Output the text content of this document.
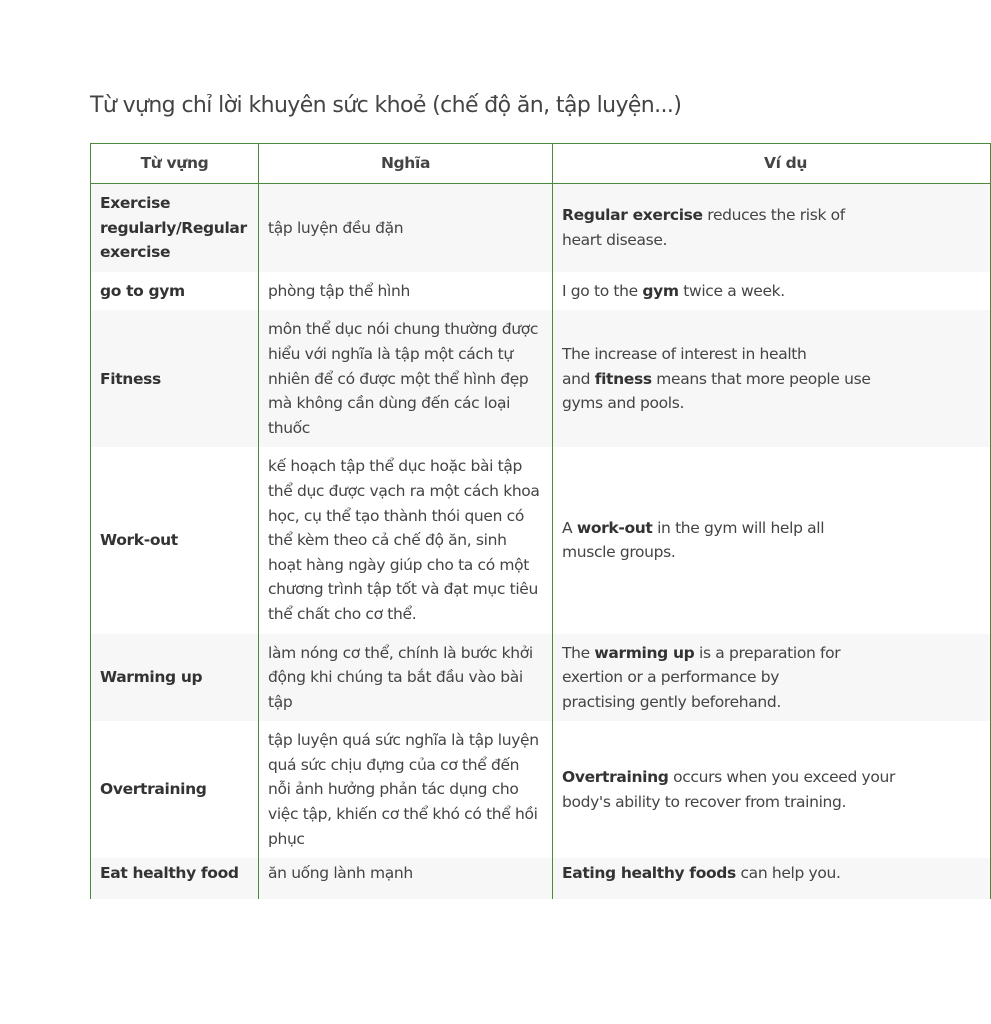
Từ vựng chỉ lời khuyên sức khoẻ (chế độ ăn, tập luyện...)
Từ vựng	Nghĩa	Ví dụ
Exercise regularly/Regular exercise	tập luyện đều đặn	Regular exercise reduces the risk of
heart disease.
go to gym	phòng tập thể hình	I go to the gym twice a week.
Fitness	môn thể dục nói chung thường được hiểu với nghĩa là tập một cách tự nhiên để có được một thể hình đẹp mà không cần dùng đến các loại thuốc	The increase of interest in health
and fitness means that more people use
gyms and pools.
Work-out	kế hoạch tập thể dục hoặc bài tập thể dục được vạch ra một cách khoa học, cụ thể tạo thành thói quen có thể kèm theo cả chế độ ăn, sinh hoạt hàng ngày giúp cho ta có một chương trình tập tốt và đạt mục tiêu thể chất cho cơ thể.	A work-out in the gym will help all
muscle groups.
Warming up	làm nóng cơ thể, chính là bước khởi động khi chúng ta bắt đầu vào bài tập	The warming up is a preparation for
exertion or a performance by
practising gently beforehand.
Overtraining	tập luyện quá sức nghĩa là tập luyện quá sức chịu đựng của cơ thể đến nỗi ảnh hưởng phản tác dụng cho việc tập, khiến cơ thể khó có thể hồi phục	Overtraining occurs when you exceed your
body's ability to recover from training.
Eat healthy food	ăn uống lành mạnh	Eating healthy foods can help you.
